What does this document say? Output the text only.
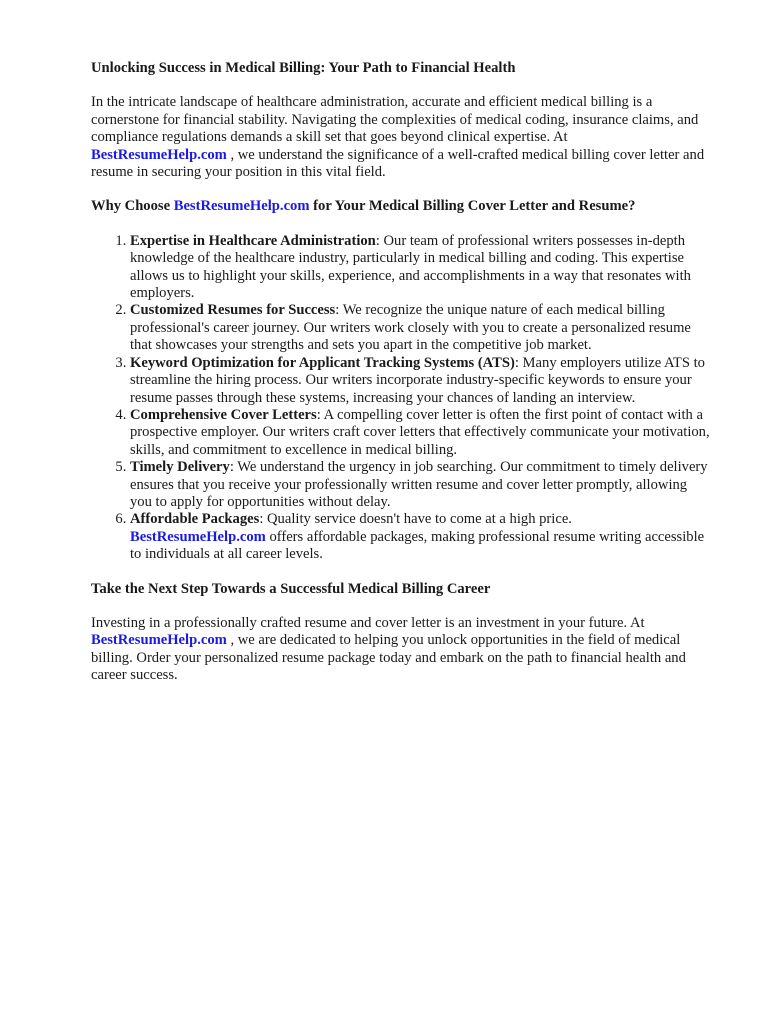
Unlocking Success in Medical Billing: Your Path to Financial Health

In the intricate landscape of healthcare administration, accurate and efficient medical billing is a cornerstone for financial stability. Navigating the complexities of medical coding, insurance claims, and compliance regulations demands a skill set that goes beyond clinical expertise. At
BestResumeHelp.com , we understand the significance of a well-crafted medical billing cover letter and resume in securing your position in this vital field.

Why Choose BestResumeHelp.com for Your Medical Billing Cover Letter and Resume?
1. Expertise in Healthcare Administration: Our team of professional writers possesses in-depth knowledge of the healthcare industry, particularly in medical billing and coding. This expertise allows us to highlight your skills, experience, and accomplishments in a way that resonates with employers.
2. Customized Resumes for Success: We recognize the unique nature of each medical billing professional's career journey. Our writers work closely with you to create a personalized resume that showcases your strengths and sets you apart in the competitive job market.
3. Keyword Optimization for Applicant Tracking Systems (ATS): Many employers utilize ATS to streamline the hiring process. Our writers incorporate industry-specific keywords to ensure your resume passes through these systems, increasing your chances of landing an interview.
4. Comprehensive Cover Letters: A compelling cover letter is often the first point of contact with a prospective employer. Our writers craft cover letters that effectively communicate your motivation, skills, and commitment to excellence in medical billing.
5. Timely Delivery: We understand the urgency in job searching. Our commitment to timely delivery ensures that you receive your professionally written resume and cover letter promptly, allowing you to apply for opportunities without delay.
6. Affordable Packages: Quality service doesn't have to come at a high price.
BestResumeHelp.com offers affordable packages, making professional resume writing accessible to individuals at all career levels.
Take the Next Step Towards a Successful Medical Billing Career

Investing in a professionally crafted resume and cover letter is an investment in your future. At
BestResumeHelp.com , we are dedicated to helping you unlock opportunities in the field of medical billing. Order your personalized resume package today and embark on the path to financial health and career success.
